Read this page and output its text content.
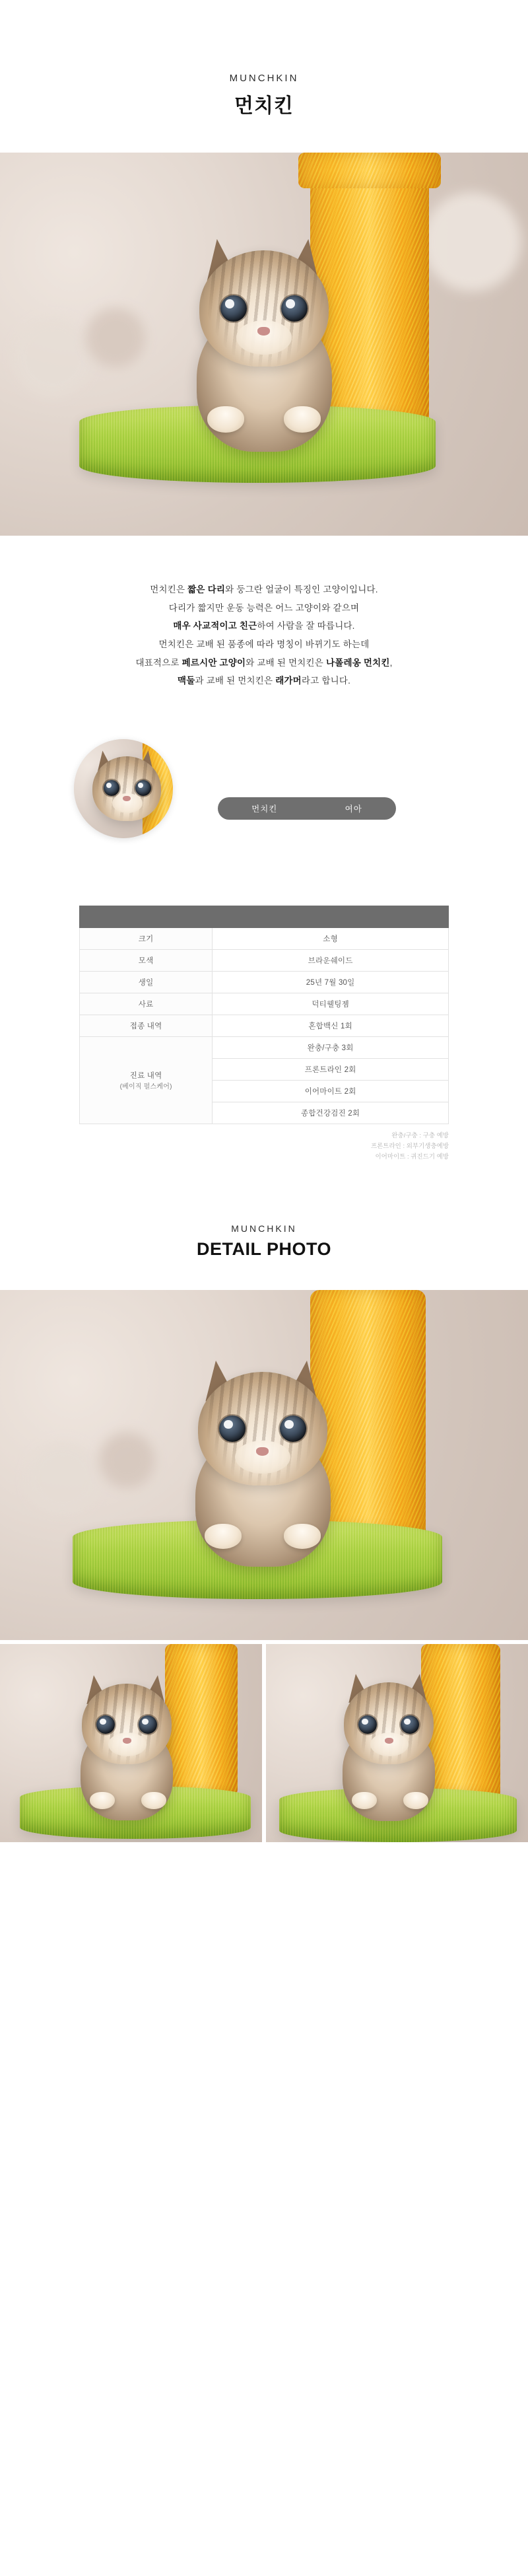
MUNCHKIN
먼치킨
먼치킨은 짧은 다리와 둥그란 얼굴이 특징인 고양이입니다.
다리가 짧지만 운동 능력은 어느 고양이와 같으며
매우 사교적이고 친근하여 사람을 잘 따릅니다.
먼치킨은 교배 된 품종에 따라 명칭이 바뀌기도 하는데
대표적으로 페르시안 고양이와 교배 된 먼치킨은 나폴레옹 먼치킨,
맥둘과 교배 된 먼치킨은 래가머라고 합니다.
먼치킨	여아

크기	소형
모색	브라운쉐이드
생일	25년 7월 30일
사료	덕티웰팅젬
접종 내역	혼합백신 1회

진료 내역
(베이직 펄스케어)	완충/구충 3회
	프론트라인 2회
	이어마이트 2회
	종합건강검진 2회
완충/구충 : 구충 예방
프론트라인 : 외부기생충예방
이어마이트 : 귀진드기 예방
MUNCHKIN
DETAIL PHOTO
